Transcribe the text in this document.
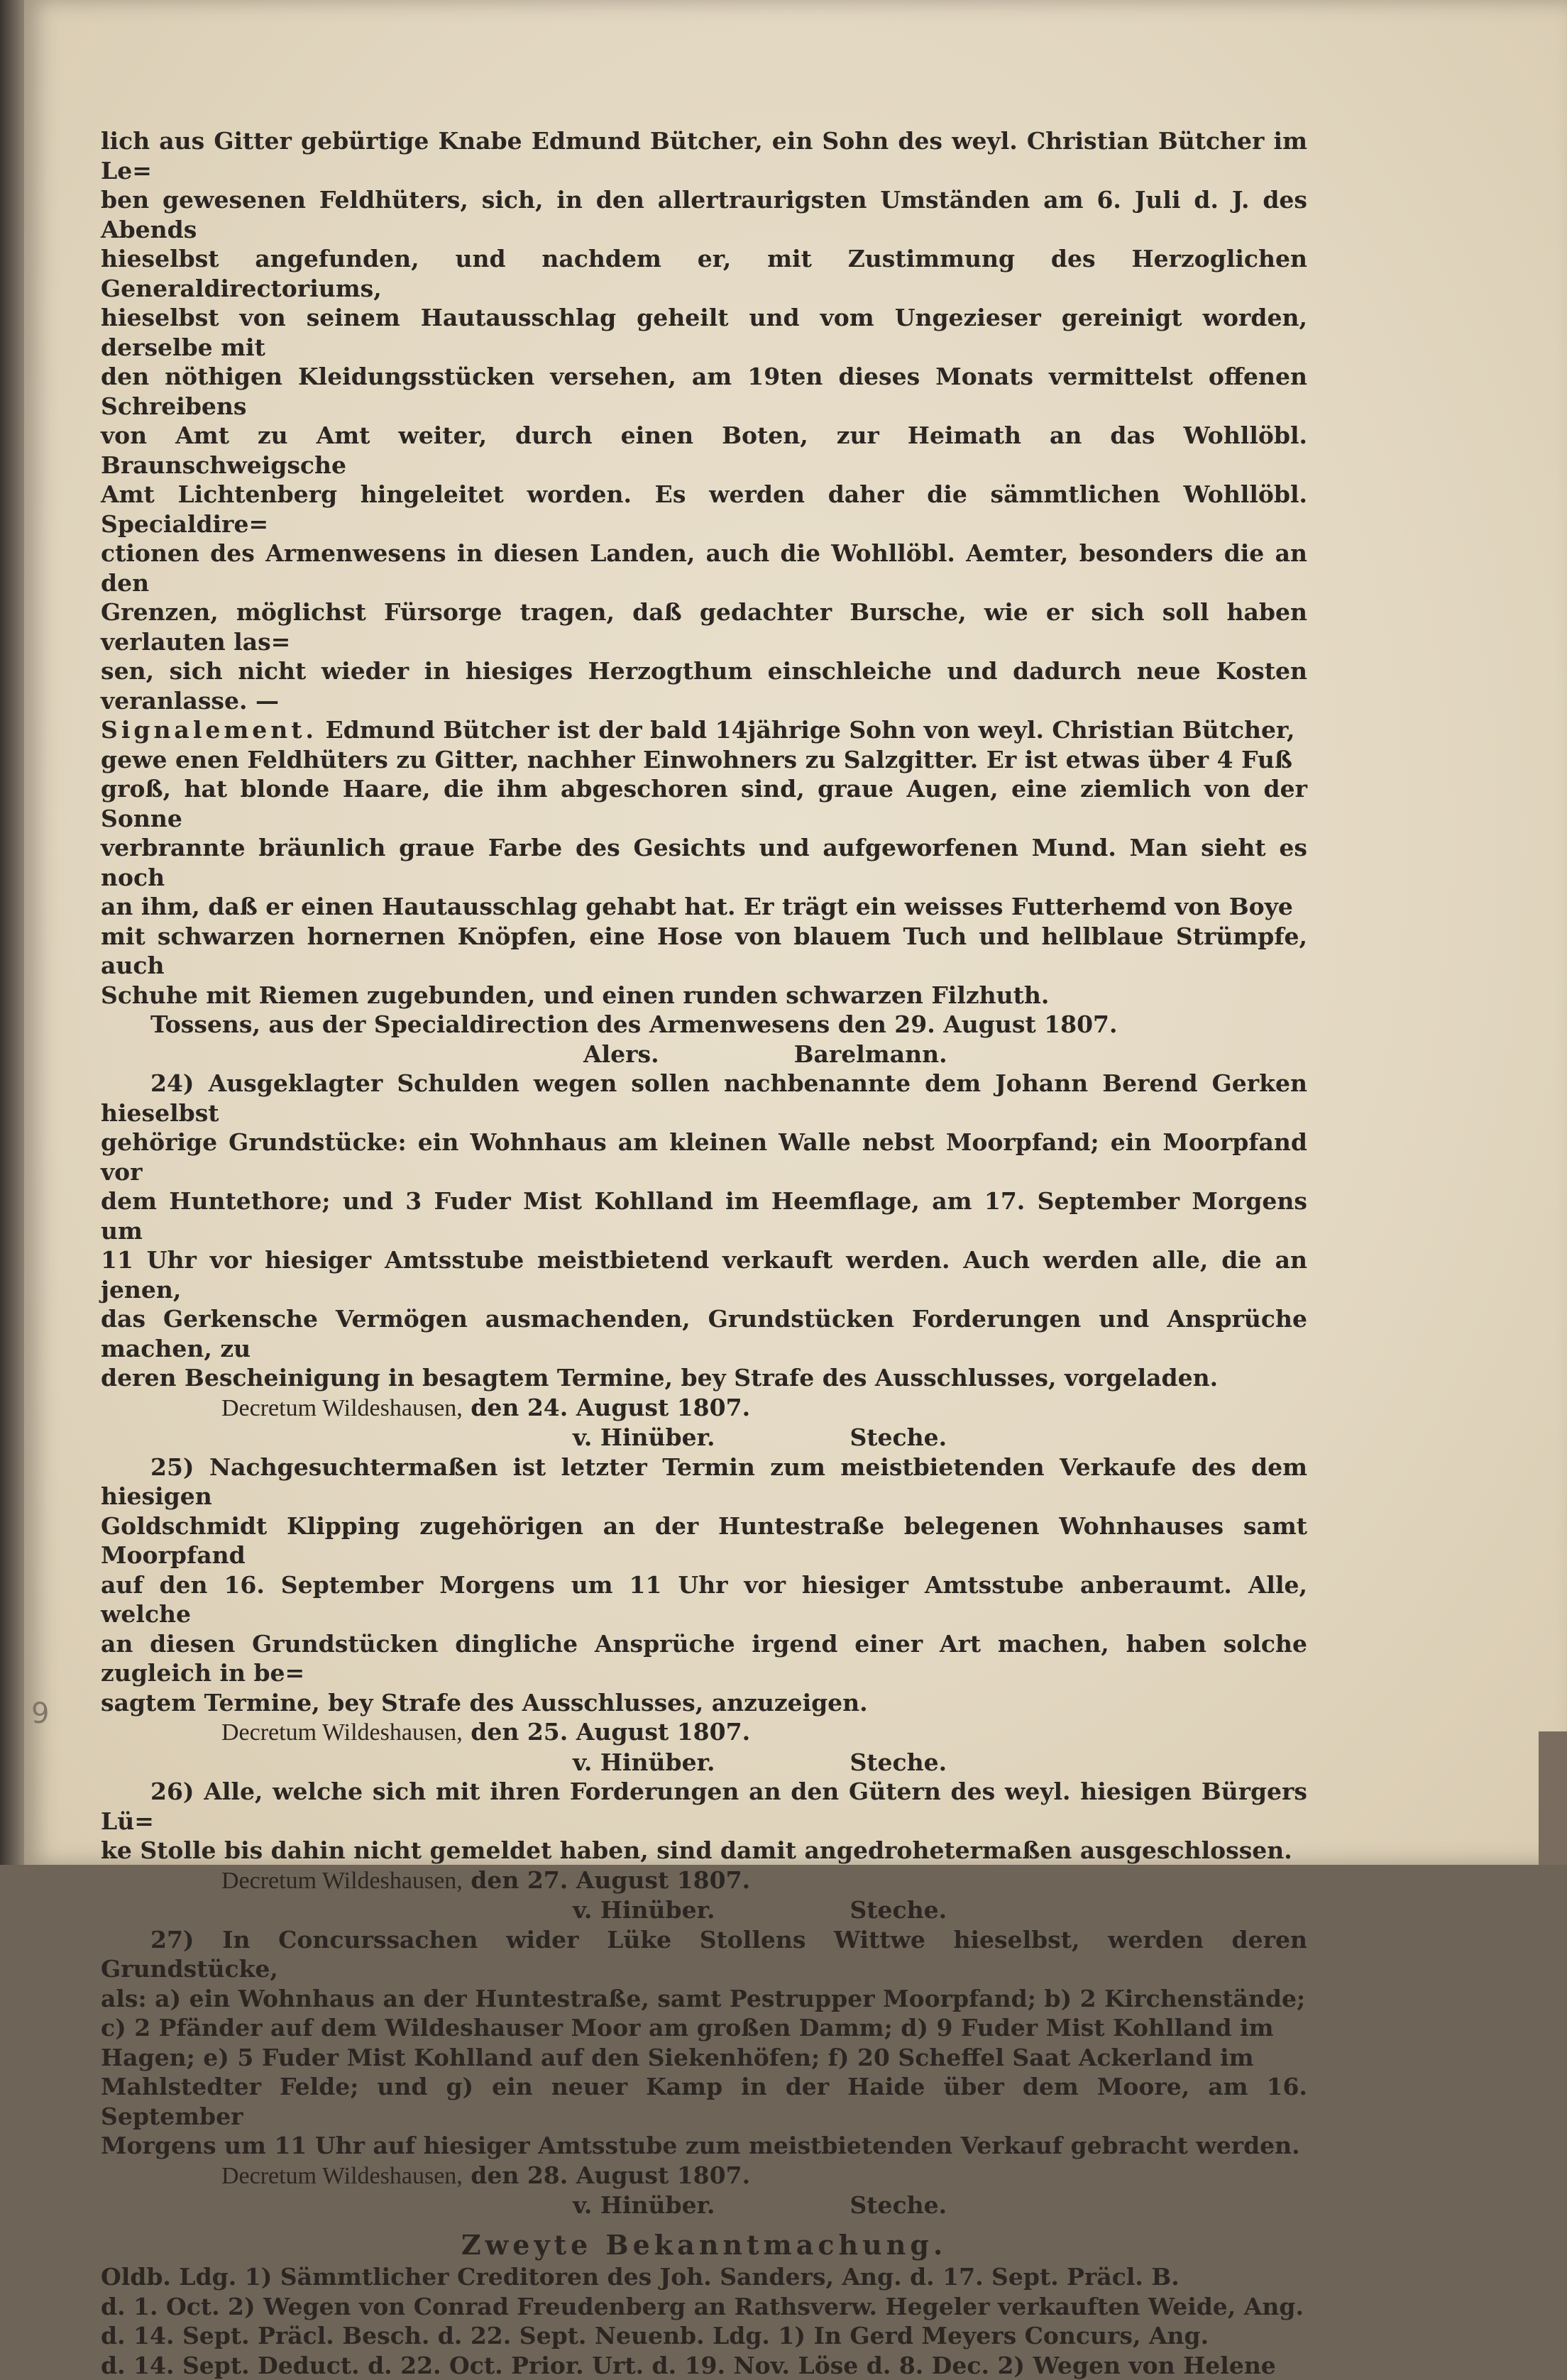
9

lich aus Gitter gebürtige Knabe Edmund Bütcher, ein Sohn des weyl. Christian Bütcher im Le=

ben gewesenen Feldhüters, sich, in den allertraurigsten Umständen am 6. Juli d. J. des Abends

hieselbst angefunden, und nachdem er, mit Zustimmung des Herzoglichen Generaldirectoriums,

hieselbst von seinem Hautausschlag geheilt und vom Ungezieser gereinigt worden, derselbe mit

den nöthigen Kleidungsstücken versehen, am 19ten dieses Monats vermittelst offenen Schreibens

von Amt zu Amt weiter, durch einen Boten, zur Heimath an das Wohllöbl. Braunschweigsche

Amt Lichtenberg hingeleitet worden. Es werden daher die sämmtlichen Wohllöbl. Specialdire=

ctionen des Armenwesens in diesen Landen, auch die Wohllöbl. Aemter, besonders die an den

Grenzen, möglichst Fürsorge tragen, daß gedachter Bursche, wie er sich soll haben verlauten las=

sen, sich nicht wieder in hiesiges Herzogthum einschleiche und dadurch neue Kosten veranlasse. —

Signalement. Edmund Bütcher ist der bald 14jährige Sohn von weyl. Christian Bütcher,

gewe enen Feldhüters zu Gitter, nachher Einwohners zu Salzgitter. Er ist etwas über 4 Fuß

groß, hat blonde Haare, die ihm abgeschoren sind, graue Augen, eine ziemlich von der Sonne

verbrannte bräunlich graue Farbe des Gesichts und aufgeworfenen Mund. Man sieht es noch

an ihm, daß er einen Hautausschlag gehabt hat. Er trägt ein weisses Futterhemd von Boye

mit schwarzen hornernen Knöpfen, eine Hose von blauem Tuch und hellblaue Strümpfe, auch

Schuhe mit Riemen zugebunden, und einen runden schwarzen Filzhuth.

Tossens, aus der Specialdirection des Armenwesens den 29. August 1807.

Alers.	Barelmann.

24) Ausgeklagter Schulden wegen sollen nachbenannte dem Johann Berend Gerken hieselbst

gehörige Grundstücke: ein Wohnhaus am kleinen Walle nebst Moorpfand; ein Moorpfand vor

dem Huntethore; und 3 Fuder Mist Kohlland im Heemflage, am 17. September Morgens um

11 Uhr vor hiesiger Amtsstube meistbietend verkauft werden. Auch werden alle, die an jenen,

das Gerkensche Vermögen ausmachenden, Grundstücken Forderungen und Ansprüche machen, zu

deren Bescheinigung in besagtem Termine, bey Strafe des Ausschlusses, vorgeladen.

Decretum Wildeshausen, den 24. August 1807.

v. Hinüber.	Steche.

25) Nachgesuchtermaßen ist letzter Termin zum meistbietenden Verkaufe des dem hiesigen

Goldschmidt Klipping zugehörigen an der Huntestraße belegenen Wohnhauses samt Moorpfand

auf den 16. September Morgens um 11 Uhr vor hiesiger Amtsstube anberaumt. Alle, welche

an diesen Grundstücken dingliche Ansprüche irgend einer Art machen, haben solche zugleich in be=

sagtem Termine, bey Strafe des Ausschlusses, anzuzeigen.

Decretum Wildeshausen, den 25. August 1807.

v. Hinüber.	Steche.

26) Alle, welche sich mit ihren Forderungen an den Gütern des weyl. hiesigen Bürgers Lü=

ke Stolle bis dahin nicht gemeldet haben, sind damit angedrohetermaßen ausgeschlossen.

Decretum Wildeshausen, den 27. August 1807.

v. Hinüber.	Steche.

27) In Concurssachen wider Lüke Stollens Wittwe hieselbst, werden deren Grundstücke,

als: a) ein Wohnhaus an der Huntestraße, samt Pestrupper Moorpfand; b) 2 Kirchenstände;

c) 2 Pfänder auf dem Wildeshauser Moor am großen Damm; d) 9 Fuder Mist Kohlland im

Hagen; e) 5 Fuder Mist Kohlland auf den Siekenhöfen; f) 20 Scheffel Saat Ackerland im

Mahlstedter Felde; und g) ein neuer Kamp in der Haide über dem Moore, am 16. September

Morgens um 11 Uhr auf hiesiger Amtsstube zum meistbietenden Verkauf gebracht werden.

Decretum Wildeshausen, den 28. August 1807.

v. Hinüber.	Steche.

Zweyte Bekanntmachung.

Oldb. Ldg. 1) Sämmtlicher Creditoren des Joh. Sanders, Ang. d. 17. Sept. Präcl. B.

d. 1. Oct. 2) Wegen von Conrad Freudenberg an Rathsverw. Hegeler verkauften Weide, Ang.

d. 14. Sept. Präcl. Besch. d. 22. Sept. Neuenb. Ldg. 1) In Gerd Meyers Concurs, Ang.

d. 14. Sept. Deduct. d. 22. Oct. Prior. Urt. d. 19. Nov. Löse d. 8. Dec. 2) Wegen von Helene
